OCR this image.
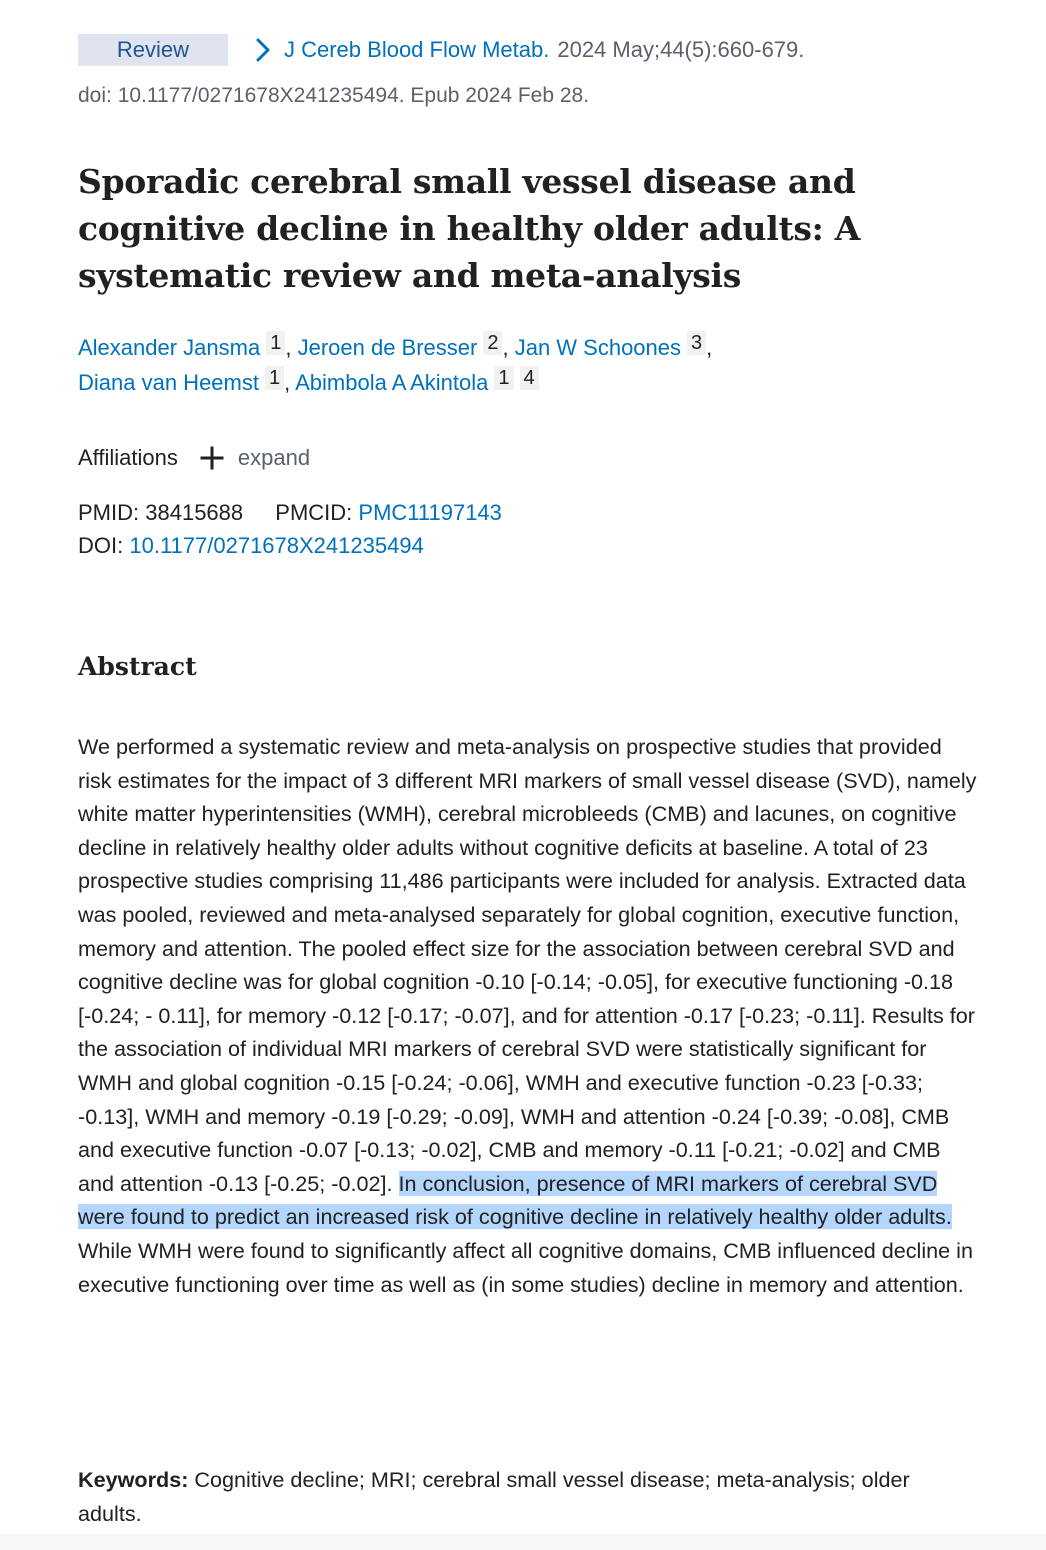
Review	J Cereb Blood Flow Metab. 2024 May;44(5):660-679.
doi: 10.1177/0271678X241235494. Epub 2024 Feb 28.
Sporadic cerebral small vessel disease and cognitive decline in healthy older adults: A systematic review and meta-analysis
Alexander Jansma 1 , Jeroen de Bresser 2 , Jan W Schoones 3 ,
Diana van Heemst 1 , Abimbola A Akintola 1 4
Affiliations	expand
PMID: 38415688 PMCID: PMC11197143
DOI: 10.1177/0271678X241235494
Abstract

We performed a systematic review and meta-analysis on prospective studies that provided risk estimates for the impact of 3 different MRI markers of small vessel disease (SVD), namely white matter hyperintensities (WMH), cerebral microbleeds (CMB) and lacunes, on cognitive decline in relatively healthy older adults without cognitive deficits at baseline. A total of 23 prospective studies comprising 11,486 participants were included for analysis. Extracted data was pooled, reviewed and meta-analysed separately for global cognition, executive function, memory and attention. The pooled effect size for the association between cerebral SVD and cognitive decline was for global cognition -0.10 [-0.14; -0.05], for executive functioning -0.18 [-0.24; - 0.11], for memory -0.12 [-0.17; -0.07], and for attention -0.17 [-0.23; -0.11]. Results for the association of individual MRI markers of cerebral SVD were statistically significant for WMH and global cognition -0.15 [-0.24; -0.06], WMH and executive function -0.23 [-0.33; -0.13], WMH and memory -0.19 [-0.29; -0.09], WMH and attention -0.24 [-0.39; -0.08], CMB and executive function -0.07 [-0.13; -0.02], CMB and memory -0.11 [-0.21; -0.02] and CMB and attention -0.13 [-0.25; -0.02]. In conclusion, presence of MRI markers of cerebral SVD were found to predict an increased risk of cognitive decline in relatively healthy older adults. While WMH were found to significantly affect all cognitive domains, CMB influenced decline in executive functioning over time as well as (in some studies) decline in memory and attention.

Keywords: Cognitive decline; MRI; cerebral small vessel disease; meta-analysis; older adults.
